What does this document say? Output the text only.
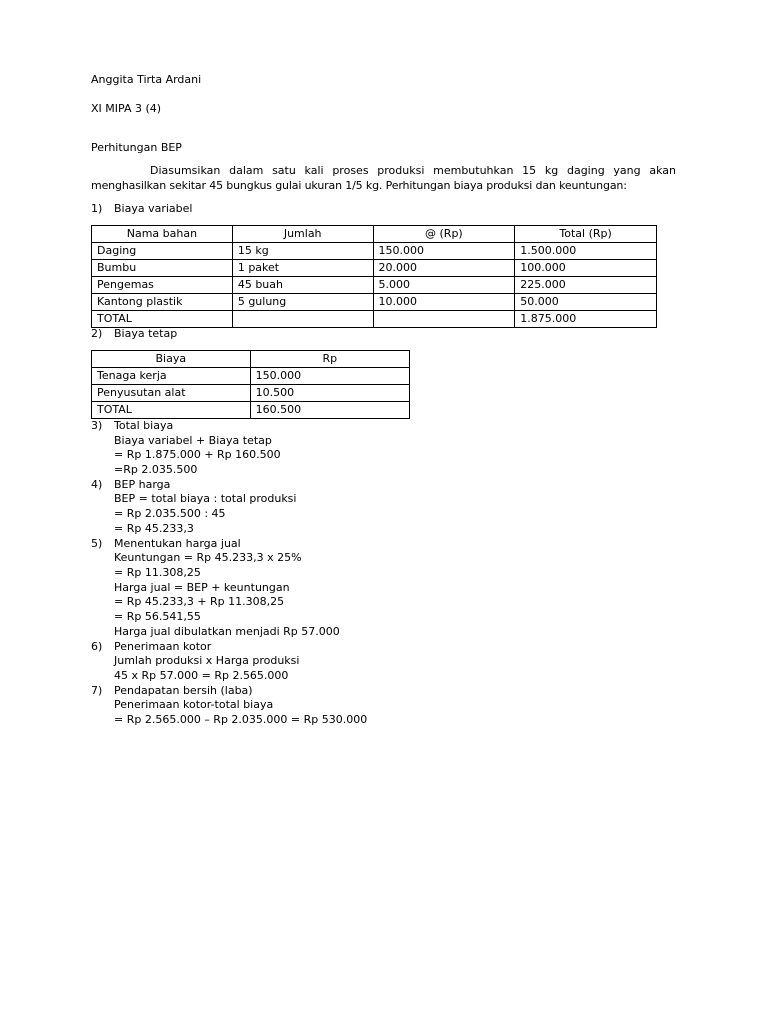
Anggita Tirta Ardani
XI MIPA 3 (4)
Perhitungan BEP
Diasumsikan dalam satu kali proses produksi membutuhkan 15 kg daging yang akan
menghasilkan sekitar 45 bungkus gulai ukuran 1/5 kg. Perhitungan biaya produksi dan keuntungan:
1) Biaya variabel
Nama bahan	Jumlah	@ (Rp)	Total (Rp)
Daging	15 kg	150.000	1.500.000
Bumbu	1 paket	20.000	100.000
Pengemas	45 buah	5.000	225.000
Kantong plastik	5 gulung	10.000	50.000
TOTAL			1.875.000
2) Biaya tetap
Biaya	Rp
Tenaga kerja	150.000
Penyusutan alat	10.500
TOTAL	160.500
3) Total biaya
Biaya variabel + Biaya tetap
= Rp 1.875.000 + Rp 160.500
=Rp 2.035.500
4) BEP harga
BEP = total biaya : total produksi
= Rp 2.035.500 : 45
= Rp 45.233,3
5) Menentukan harga jual
Keuntungan = Rp 45.233,3 x 25%
= Rp 11.308,25
Harga jual = BEP + keuntungan
= Rp 45.233,3 + Rp 11.308,25
= Rp 56.541,55
Harga jual dibulatkan menjadi Rp 57.000
6) Penerimaan kotor
Jumlah produksi x Harga produksi
45 x Rp 57.000 = Rp 2.565.000
7) Pendapatan bersih (laba)
Penerimaan kotor-total biaya
= Rp 2.565.000 – Rp 2.035.000 = Rp 530.000
